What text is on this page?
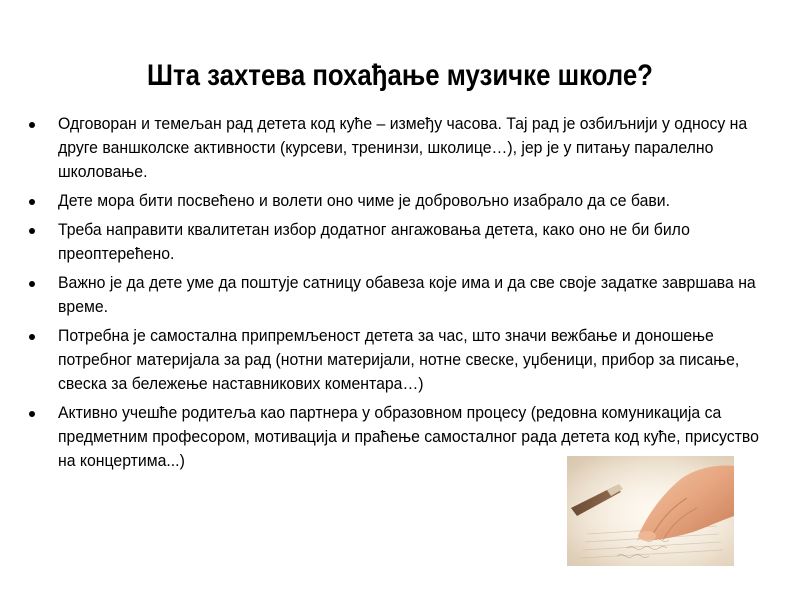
Шта захтева похађање музичке школе?
Одговоран и темељан рад детета код куће – између часова. Тај рад је озбиљнији у односу на друге ваншколске активности (курсеви, тренинзи, школице…), јер је у питању паралелно школовање.
Дете мора бити посвећено и волети оно чиме је добровољно изабрало да се бави.
Треба направити квалитетан избор додатног ангажовања детета, како оно не би било преоптерећено.
Важно је да дете уме да поштује сатницу обавеза које има и да све своје задатке завршава на време.
Потребна је самостална припремљеност детета за час, што значи вежбање и доношење потребног материјала за рад (нотни материјали, нотне свеске, уџбеници, прибор за писање, свеска за бележење наставникових коментара…)
Активно учешће родитеља као партнера у образовном процесу (редовна комуникација са предметним професором, мотивација и праћење самосталног рада детета код куће, присуство на концертима...)
